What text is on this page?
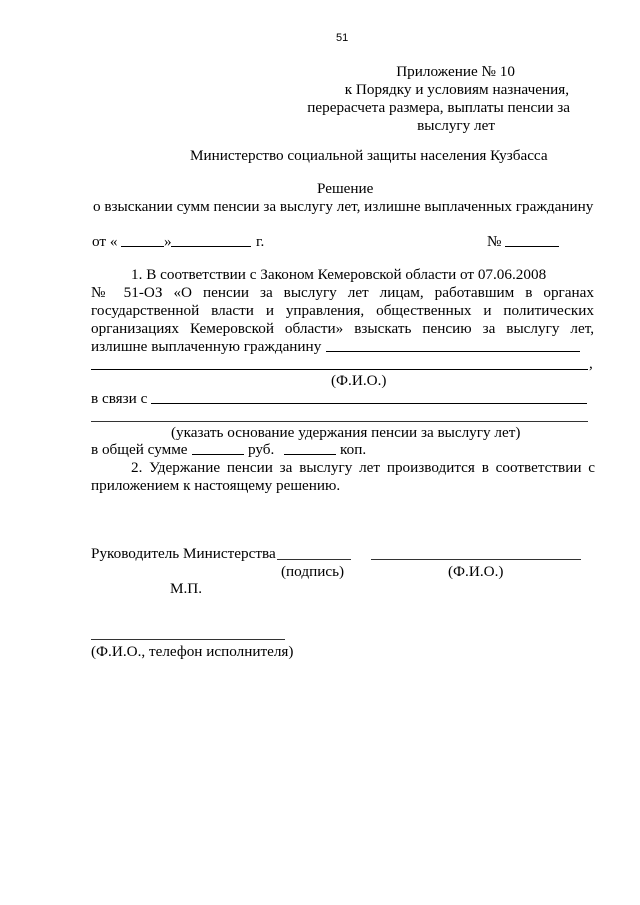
51
Приложение № 10
к Порядку и условиям назначения,
перерасчета размера, выплаты пенсии за
выслугу лет
Министерство социальной защиты населения Кузбасса
Решение
о взыскании сумм пенсии за выслугу лет, излишне выплаченных гражданину
от «	»	г.	№
1. В соответствии с Законом Кемеровской области от 07.06.2008
№ 51-ОЗ «О пенсии за выслугу лет лицам, работавшим в органах
государственной власти и управления, общественных и политических
организациях Кемеровской области» взыскать пенсию за выслугу лет,
излишне выплаченную гражданину
,
(Ф.И.О.)
в связи с
(указать основание удержания пенсии за выслугу лет)
в общей сумме	руб.	коп.
2. Удержание пенсии за выслугу лет производится в соответствии с
приложением к настоящему решению.
Руководитель Министерства
(подпись)	(Ф.И.О.)
М.П.
(Ф.И.О., телефон исполнителя)
